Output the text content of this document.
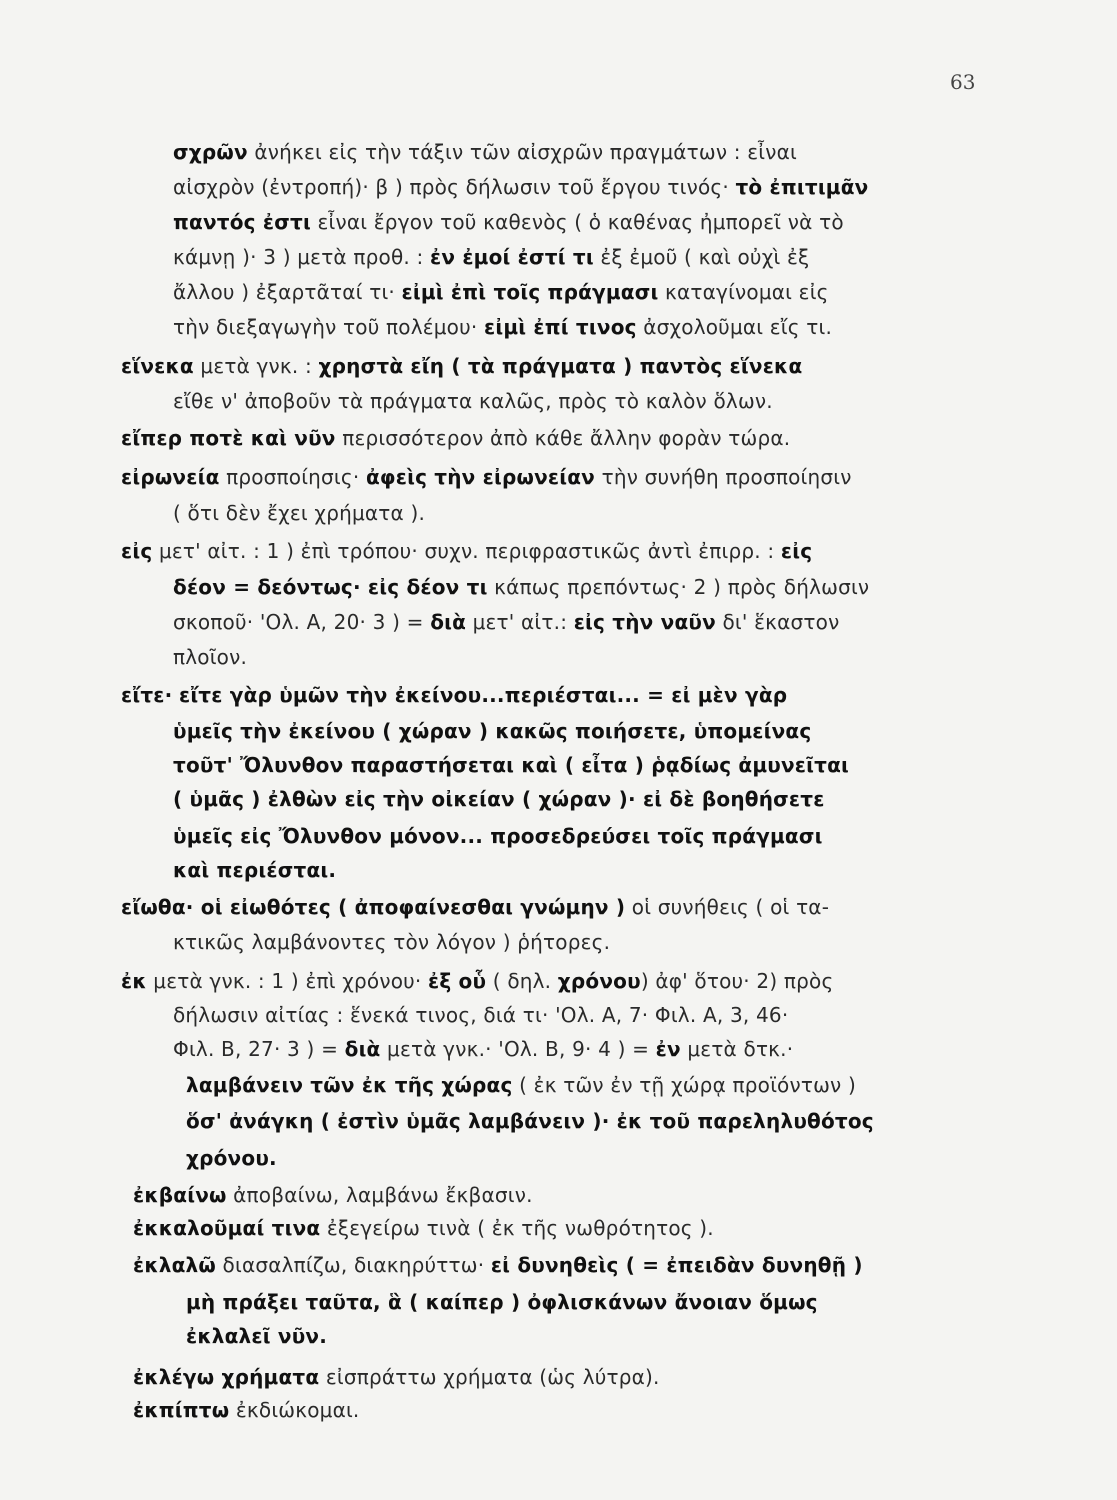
63
σχρῶν ἀνήκει εἰς τὴν τάξιν τῶν αἰσχρῶν πραγμάτων : εἶναι
αἰσχρὸν (ἐντροπή)· β ) πρὸς δήλωσιν τοῦ ἔργου τινός· τὸ ἐπιτιμᾶν
παντός ἐστι εἶναι ἔργον τοῦ καθενὸς ( ὁ καθένας ἠμπορεῖ νὰ τὸ
κάμνῃ )· 3 ) μετὰ προθ. : ἐν ἐμοί ἐστί τι ἐξ ἐμοῦ ( καὶ οὐχὶ ἐξ
ἄλλου ) ἐξαρτᾶταί τι· εἰμὶ ἐπὶ τοῖς πράγμασι καταγίνομαι εἰς
τὴν διεξαγωγὴν τοῦ πολέμου· εἰμὶ ἐπί τινος ἀσχολοῦμαι εἴς τι.
εἵνεκα μετὰ γνκ. : χρηστὰ εἴη ( τὰ πράγματα ) παντὸς εἵνεκα
εἴθε ν' ἀποβοῦν τὰ πράγματα καλῶς, πρὸς τὸ καλὸν ὅλων.
εἴπερ ποτὲ καὶ νῦν περισσότερον ἀπὸ κάθε ἄλλην φορὰν τώρα.
εἰρωνεία προσποίησις· ἀφεὶς τὴν εἰρωνείαν τὴν συνήθη προσποίησιν
( ὅτι δὲν ἔχει χρήματα ).
εἰς μετ' αἰτ. : 1 ) ἐπὶ τρόπου· συχν. περιφραστικῶς ἀντὶ ἐπιρρ. : εἰς
δέον = δεόντως· εἰς δέον τι κάπως πρεπόντως· 2 ) πρὸς δήλωσιν
σκοποῦ· 'Ολ. Α, 20· 3 ) = διὰ μετ' αἰτ.: εἰς τὴν ναῦν δι' ἕκαστον
πλοῖον.
εἴτε· εἴτε γὰρ ὑμῶν τὴν ἐκείνου...περιέσται... = εἰ μὲν γὰρ
ὑμεῖς τὴν ἐκείνου ( χώραν ) κακῶς ποιήσετε, ὑπομείνας
τοῦτ' Ὄλυνθον παραστήσεται καὶ ( εἶτα ) ῥᾳδίως ἀμυνεῖται
( ὑμᾶς ) ἐλθὼν εἰς τὴν οἰκείαν ( χώραν )· εἰ δὲ βοηθήσετε
ὑμεῖς εἰς Ὄλυνθον μόνον... προσεδρεύσει τοῖς πράγμασι
καὶ περιέσται.
εἴωθα· οἱ εἰωθότες ( ἀποφαίνεσθαι γνώμην ) οἱ συνήθεις ( οἱ τα-
κτικῶς λαμβάνοντες τὸν λόγον ) ῥήτορες.
ἐκ μετὰ γνκ. : 1 ) ἐπὶ χρόνου· ἐξ οὗ ( δηλ. χρόνου) ἀφ' ὅτου· 2) πρὸς
δήλωσιν αἰτίας : ἕνεκά τινος, διά τι· 'Ολ. Α, 7· Φιλ. Α, 3, 46·
Φιλ. Β, 27· 3 ) = διὰ μετὰ γνκ.· 'Ολ. Β, 9· 4 ) = ἐν μετὰ δτκ.·
λαμβάνειν τῶν ἐκ τῆς χώρας ( ἐκ τῶν ἐν τῇ χώρᾳ προϊόντων )
ὅσ' ἀνάγκη ( ἐστὶν ὑμᾶς λαμβάνειν )· ἐκ τοῦ παρεληλυθότος
χρόνου.
ἐκβαίνω ἀποβαίνω, λαμβάνω ἔκβασιν.
ἐκκαλοῦμαί τινα ἐξεγείρω τινὰ ( ἐκ τῆς νωθρότητος ).
ἐκλαλῶ διασαλπίζω, διακηρύττω· εἰ δυνηθεὶς ( = ἐπειδὰν δυνηθῇ )
μὴ πράξει ταῦτα, ἃ ( καίπερ ) ὀφλισκάνων ἄνοιαν ὅμως
ἐκλαλεῖ νῦν.
ἐκλέγω χρήματα εἰσπράττω χρήματα (ὡς λύτρα).
ἐκπίπτω ἐκδιώκομαι.
